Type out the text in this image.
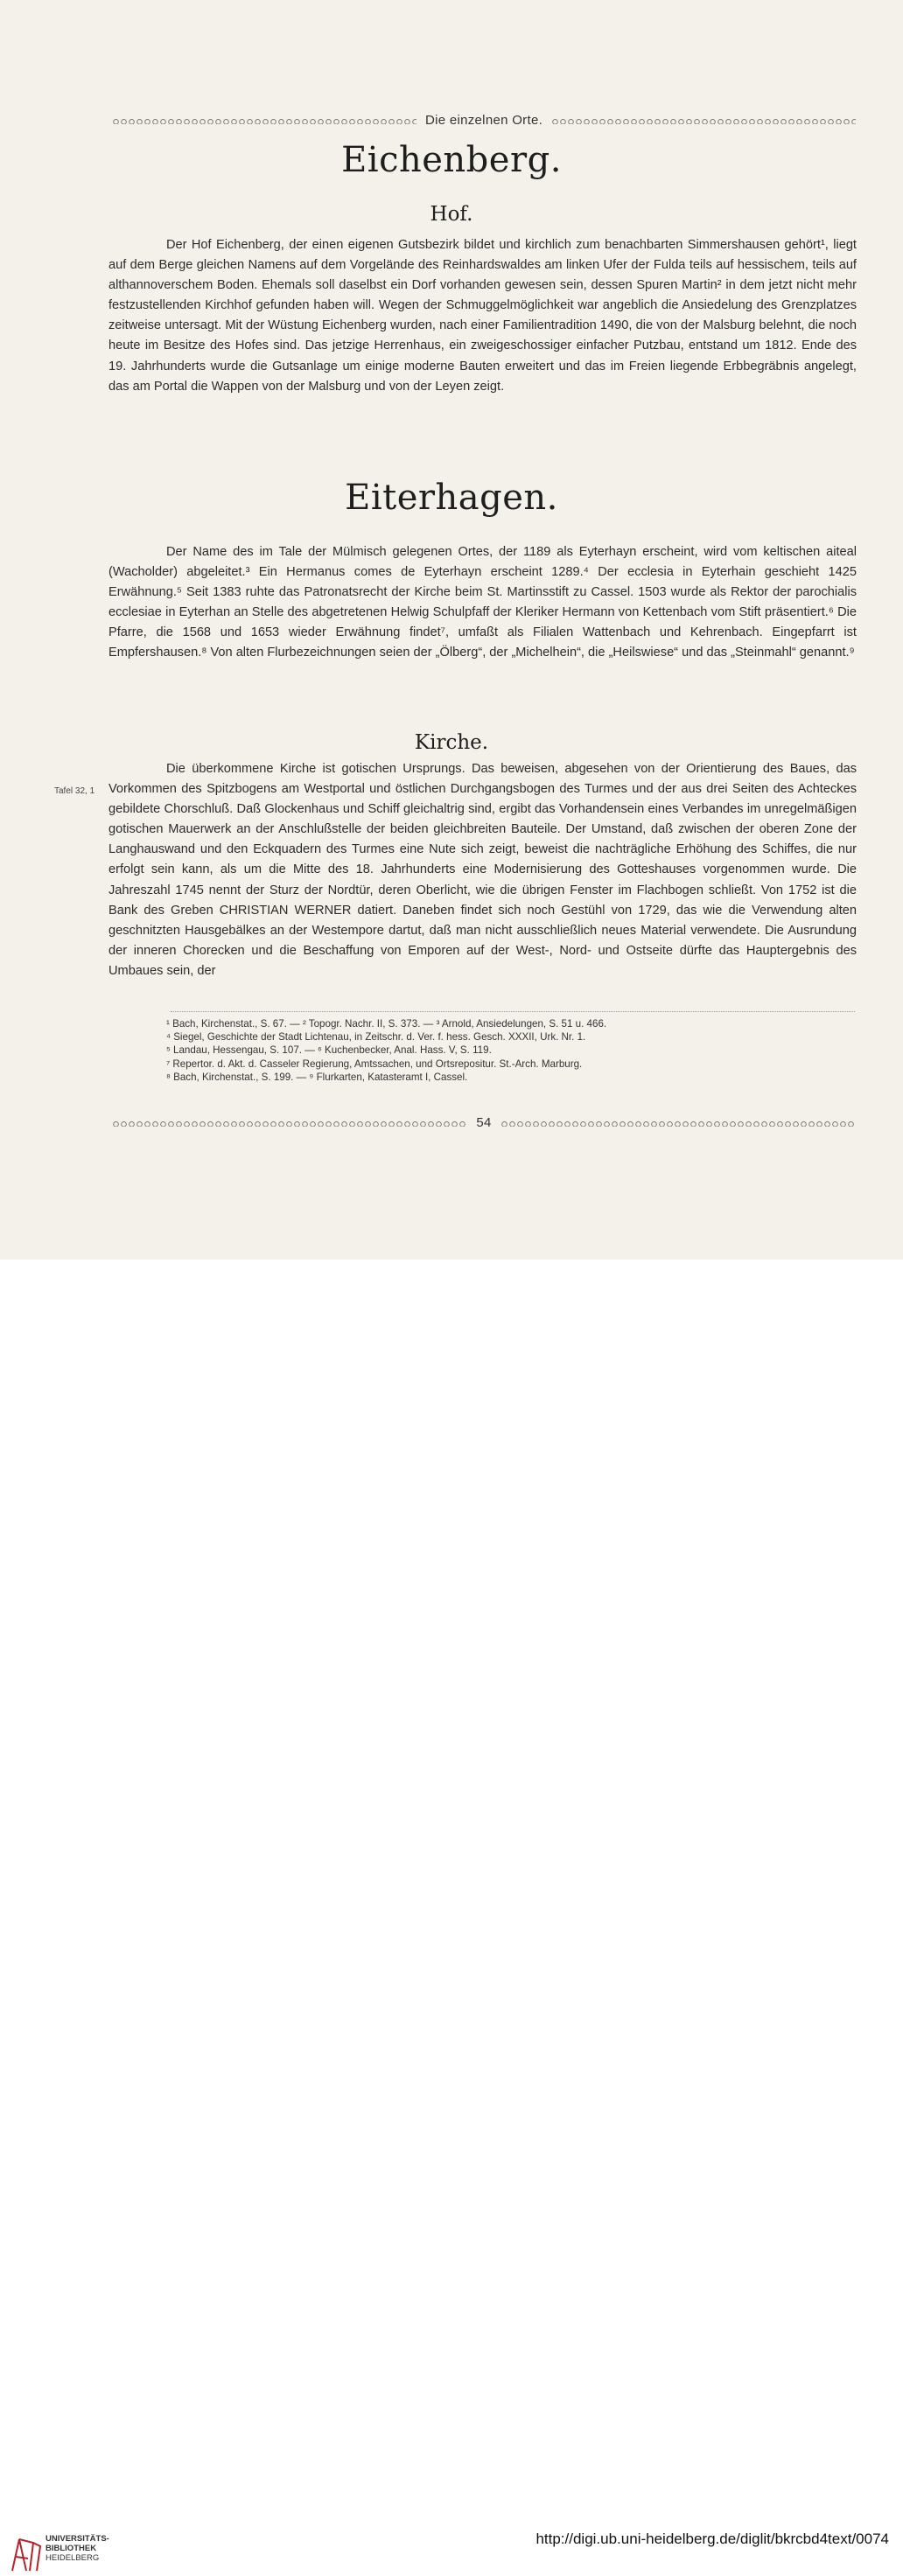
Die einzelnen Orte.
Eichenberg.
Hof.
Der Hof Eichenberg, der einen eigenen Gutsbezirk bildet und kirchlich zum benachbarten Simmershausen gehört¹, liegt auf dem Berge gleichen Namens auf dem Vorgelände des Reinhardswaldes am linken Ufer der Fulda teils auf hessischem, teils auf althannoverschem Boden. Ehemals soll daselbst ein Dorf vorhanden gewesen sein, dessen Spuren Martin² in dem jetzt nicht mehr festzustellenden Kirchhof gefunden haben will. Wegen der Schmuggelmöglichkeit war angeblich die Ansiedelung des Grenzplatzes zeitweise untersagt. Mit der Wüstung Eichenberg wurden, nach einer Familientradition 1490, die von der Malsburg belehnt, die noch heute im Besitze des Hofes sind. Das jetzige Herrenhaus, ein zweigeschossiger einfacher Putzbau, entstand um 1812. Ende des 19. Jahrhunderts wurde die Gutsanlage um einige moderne Bauten erweitert und das im Freien liegende Erbbegräbnis angelegt, das am Portal die Wappen von der Malsburg und von der Leyen zeigt.
Eiterhagen.
Der Name des im Tale der Mülmisch gelegenen Ortes, der 1189 als Eyterhayn erscheint, wird vom keltischen aiteal (Wacholder) abgeleitet.³ Ein Hermanus comes de Eyterhayn erscheint 1289.⁴ Der ecclesia in Eyterhain geschieht 1425 Erwähnung.⁵ Seit 1383 ruhte das Patronatsrecht der Kirche beim St. Martinsstift zu Cassel. 1503 wurde als Rektor der parochialis ecclesiae in Eyterhan an Stelle des abgetretenen Helwig Schulpfaff der Kleriker Hermann von Kettenbach vom Stift präsentiert.⁶ Die Pfarre, die 1568 und 1653 wieder Erwähnung findet⁷, umfaßt als Filialen Wattenbach und Kehrenbach. Eingepfarrt ist Empfershausen.⁸ Von alten Flurbezeichnungen seien der „Ölberg“, der „Michelhein“, die „Heilswiese“ und das „Steinmahl“ genannt.⁹
Kirche.
Tafel 32, 1
Die überkommene Kirche ist gotischen Ursprungs. Das beweisen, abgesehen von der Orientierung des Baues, das Vorkommen des Spitzbogens am Westportal und östlichen Durchgangsbogen des Turmes und der aus drei Seiten des Achteckes gebildete Chorschluß. Daß Glockenhaus und Schiff gleichaltrig sind, ergibt das Vorhandensein eines Verbandes im unregelmäßigen gotischen Mauerwerk an der Anschlußstelle der beiden gleichbreiten Bauteile. Der Umstand, daß zwischen der oberen Zone der Langhauswand und den Eckquadern des Turmes eine Nute sich zeigt, beweist die nachträgliche Erhöhung des Schiffes, die nur erfolgt sein kann, als um die Mitte des 18. Jahrhunderts eine Modernisierung des Gotteshauses vorgenommen wurde. Die Jahreszahl 1745 nennt der Sturz der Nordtür, deren Oberlicht, wie die übrigen Fenster im Flachbogen schließt. Von 1752 ist die Bank des Greben CHRISTIAN WERNER datiert. Daneben findet sich noch Gestühl von 1729, das wie die Verwendung alten geschnitzten Hausgebälkes an der Westempore dartut, daß man nicht ausschließlich neues Material verwendete. Die Ausrundung der inneren Chorecken und die Beschaffung von Emporen auf der West-, Nord- und Ostseite dürfte das Hauptergebnis des Umbaues sein, der
¹ Bach, Kirchenstat., S. 67. — ² Topogr. Nachr. II, S. 373. — ³ Arnold, Ansiedelungen, S. 51 u. 466.
⁴ Siegel, Geschichte der Stadt Lichtenau, in Zeitschr. d. Ver. f. hess. Gesch. XXXII, Urk. Nr. 1.
⁵ Landau, Hessengau, S. 107. — ⁶ Kuchenbecker, Anal. Hass. V, S. 119.
⁷ Repertor. d. Akt. d. Casseler Regierung, Amtssachen, und Ortsrepositur. St.-Arch. Marburg.
⁸ Bach, Kirchenstat., S. 199. — ⁹ Flurkarten, Katasteramt I, Cassel.
54
UNIVERSITÄTS-
BIBLIOTHEK
HEIDELBERG
http://digi.ub.uni-heidelberg.de/diglit/bkrcbd4text/0074
